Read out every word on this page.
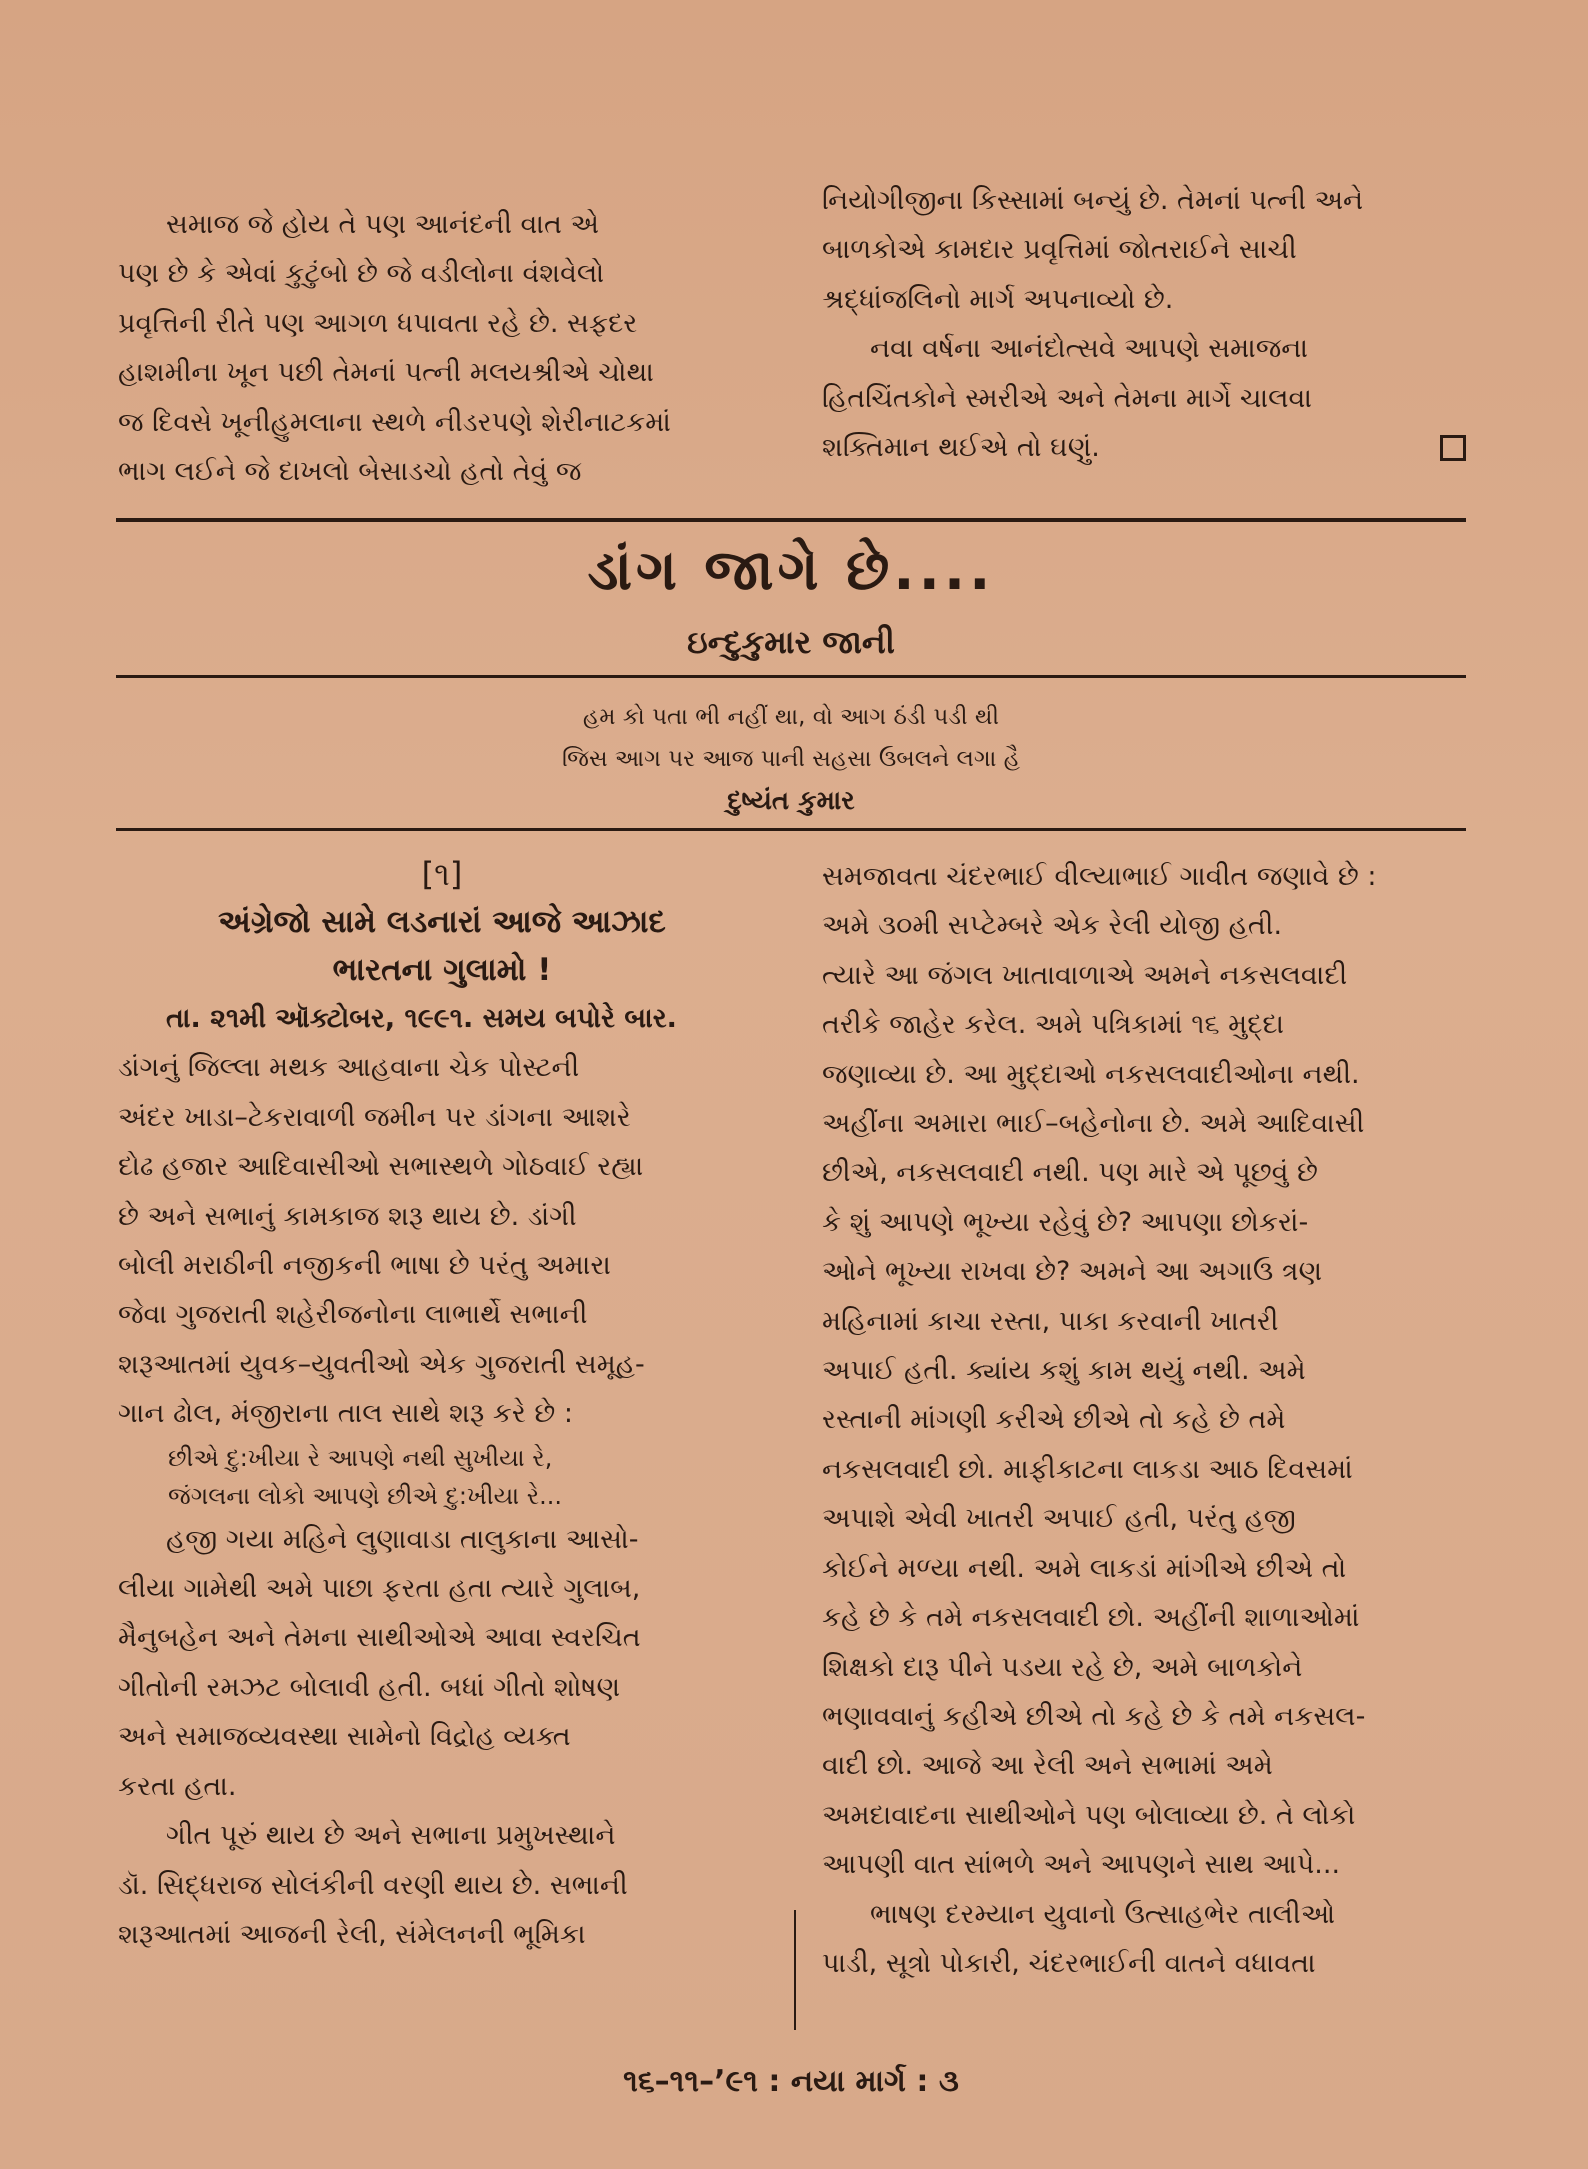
સમાજ જે હોય તે પણ આનંદની વાત એ
પણ છે કે એવાં કુટુંબો છે જે વડીલોના વંશવેલો
પ્રવૃત્તિની રીતે પણ આગળ ધપાવતા રહે છે. સફદર
હાશમીના ખૂન પછી તેમનાં પત્ની મલયશ્રીએ ચોથા
જ દિવસે ખૂનીહુમલાના સ્થળે નીડરપણે શેરીનાટકમાં
ભાગ લઈને જે દાખલો બેસાડચો હતો તેવું જ

નિયોગીજીના કિસ્સામાં બન્યું છે. તેમનાં પત્ની અને
બાળકોએ કામદાર પ્રવૃત્તિમાં જોતરાઈને સાચી
શ્રદ્ધાંજલિનો માર્ગ અપનાવ્યો છે.

નવા વર્ષના આનંદોત્સવે આપણે સમાજના
હિતચિંતકોને સ્મરીએ અને તેમના માર્ગે ચાલવા
શક્તિમાન થઈએ તો ઘણું.

ડાંગ જાગે છે....
ઇન્દુકુમાર જાની
હમ કો પતા ભી નહીં થા, વો આગ ઠંડી પડી થી
જિસ આગ પર આજ પાની સહસા ઉબલને લગા હૈ
દુષ્યંત કુમાર
[૧]
અંગ્રેજો સામે લડનારાં આજે આઝાદ
ભારતના ગુલામો !

તા. ૨૧મી ઑક્ટોબર, ૧૯૯૧. સમય બપોરે બાર.
ડાંગનું જિલ્લા મથક આહવાના ચેક પોસ્ટની
અંદર ખાડા–ટેકરાવાળી જમીન પર ડાંગના આશરે
દોઢ હજાર આદિવાસીઓ સભાસ્થળે ગોઠવાઈ રહ્યા
છે અને સભાનું કામકાજ શરૂ થાય છે. ડાંગી
બોલી મરાઠીની નજીકની ભાષા છે પરંતુ અમારા
જેવા ગુજરાતી શહેરીજનોના લાભાર્થે સભાની
શરૂઆતમાં યુવક–યુવતીઓ એક ગુજરાતી સમૂહ-
ગાન ઢોલ, મંજીરાના તાલ સાથે શરૂ કરે છે :

છીએ દુ:ખીયા રે આપણે નથી સુખીયા રે,
જંગલના લોકો આપણે છીએ દુ:ખીયા રે...

હજી ગયા મહિને લુણાવાડા તાલુકાના આસો-
લીયા ગામેથી અમે પાછા ફરતા હતા ત્યારે ગુલાબ,
મૈનુબહેન અને તેમના સાથીઓએ આવા સ્વરચિત
ગીતોની રમઝટ બોલાવી હતી. બધાં ગીતો શોષણ
અને સમાજવ્યવસ્થા સામેનો વિદ્રોહ વ્યક્ત
કરતા હતા.

ગીત પૂરું થાય છે અને સભાના પ્રમુખસ્થાને
ડૉ. સિદ્ધરાજ સોલંકીની વરણી થાય છે. સભાની
શરૂઆતમાં આજની રેલી, સંમેલનની ભૂમિકા

સમજાવતા ચંદરભાઈ વીલ્યાભાઈ ગાવીત જણાવે છે :
અમે ૩૦મી સપ્ટેમ્બરે એક રેલી યોજી હતી.
ત્યારે આ જંગલ ખાતાવાળાએ અમને નકસલવાદી
તરીકે જાહેર કરેલ. અમે પત્રિકામાં ૧૬ મુદ્દા
જણાવ્યા છે. આ મુદ્દાઓ નકસલવાદીઓના નથી.
અહીંના અમારા ભાઈ–બહેનોના છે. અમે આદિવાસી
છીએ, નકસલવાદી નથી. પણ મારે એ પૂછવું છે
કે શું આપણે ભૂખ્યા રહેવું છે? આપણા છોકરાં-
ઓને ભૂખ્યા રાખવા છે? અમને આ અગાઉ ત્રણ
મહિનામાં કાચા રસ્તા, પાકા કરવાની ખાતરી
અપાઈ હતી. ક્યાંય કશું કામ થયું નથી. અમે
રસ્તાની માંગણી કરીએ છીએ તો કહે છે તમે
નકસલવાદી છો. માફીકાટના લાકડા આઠ દિવસમાં
અપાશે એવી ખાતરી અપાઈ હતી, પરંતુ હજી
કોઈને મળ્યા નથી. અમે લાકડાં માંગીએ છીએ તો
કહે છે કે તમે નકસલવાદી છો. અહીંની શાળાઓમાં
શિક્ષકો દારૂ પીને પડયા રહે છે, અમે બાળકોને
ભણાવવાનું કહીએ છીએ તો કહે છે કે તમે નકસલ-
વાદી છો. આજે આ રેલી અને સભામાં અમે
અમદાવાદના સાથીઓને પણ બોલાવ્યા છે. તે લોકો
આપણી વાત સાંભળે અને આપણને સાથ આપે...

ભાષણ દરમ્યાન યુવાનો ઉત્સાહભેર તાલીઓ
પાડી, સૂત્રો પોકારી, ચંદરભાઈની વાતને વધાવતા

૧૬–૧૧–’૯૧ : નયા માર્ગ : ૩
